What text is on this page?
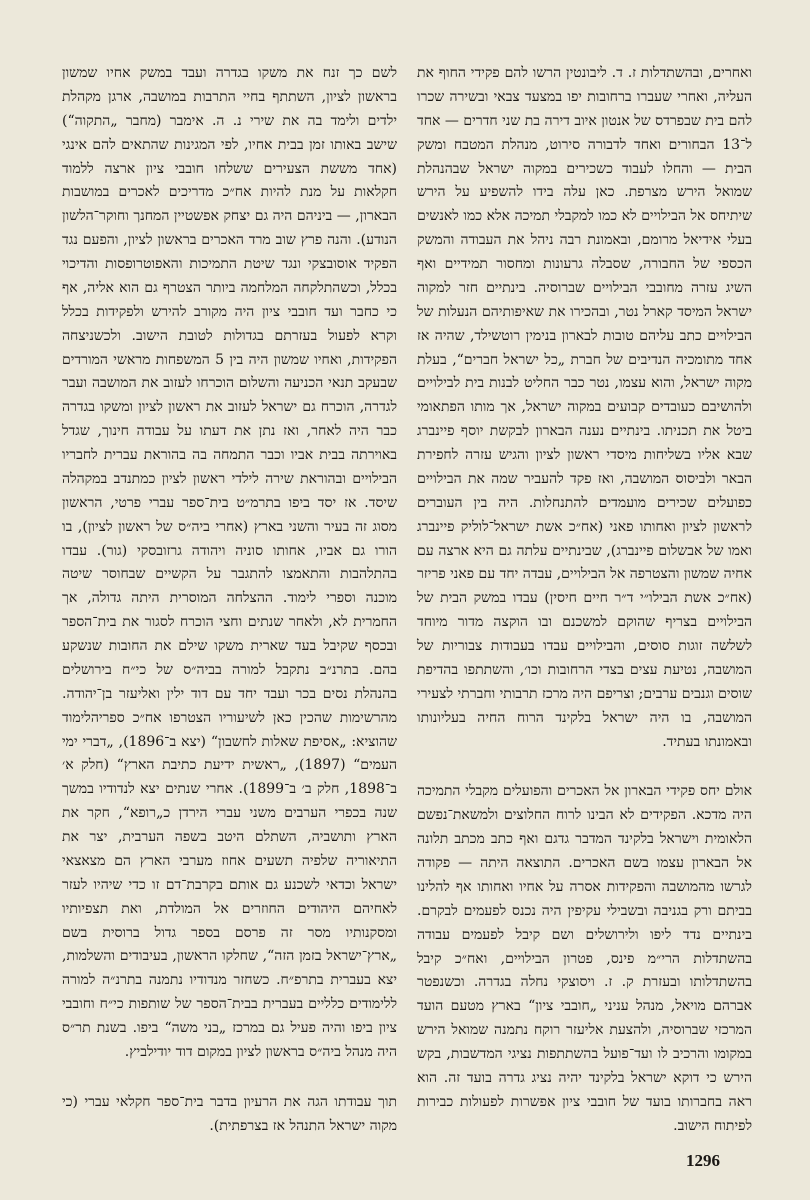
ואחרים, ובהשתדלות ז. ד. ליבונטין הרשו להם פקידי החוף את העליה, ואחרי שעברו ברחובות יפו במצעד צבאי ובשירה שכרו להם בית שבפרדס של אנטון איוב דירה בת שני חדרים — אחד ל־13 הבחורים ואחד לדבורה סירוט, מנהלת המטבח ומשק הבית — והחלו לעבוד כשכירים במקוה ישראל שבהנהלת שמואל הירש מצרפת. כאן עלה בידו להשפיע על הירש שיתיחס אל הבילויים לא כמו למקבלי תמיכה אלא כמו לאנשים בעלי אידיאל מרומם, ובאמונת רבה ניהל את העבודה והמשק הכספי של החבורה, שסבלה גרעונות ומחסור תמידיים ואף השיג עזרה מחובבי הבילויים שברוסיה. בינתיים חזר למקוה ישראל המיסד קארל נטר, ובהכירו את שאיפותיהם הנעלות של הבילויים כתב עליהם טובות לבארון בנימין רוטשילד, שהיה אז אחד מתומכיה הנדיבים של חברת „כל ישראל חברים“, בעלת מקוה ישראל, והוא עצמו, נטר כבר החליט לבנות בית לבילויים ולהושיבם כעובדים קבועים במקוה ישראל, אך מותו הפתאומי ביטל את תכניתו. בינתיים נענה הבארון לבקשת יוסף פיינברג שבא אליו בשליחות מיסדי ראשון לציון והגיש עזרה לחפירת הבאר ולביסוס המושבה, ואז פקד להעביר שמה את הבילויים כפועלים שכירים מועמדים להתנחלות. היה בין העוברים לראשון לציון ואחותו פאני (אח״כ אשת ישראל־לוליק פיינברג ואמו של אבשלום פיינברג), שבינתיים עלתה גם היא ארצה עם אחיה שמשון והצטרפה אל הבילויים, עבדה יחד עם פאני פריזר (אח״כ אשת הבילו״י ד״ר חיים חיסין) עבדו במשק הבית של הבילויים בצריף שהוקם למשכנם ובו הוקצה מדור מיוחד לשלשה זוגות סוסים, והבילויים עבדו בעבודות צבוריות של המושבה, נטיעת עצים בצדי הרחובות וכו׳, והשתתפו בהדיפת שוסים וגנבים ערבים; וצריפם היה מרכז תרבותי וחברתי לצעירי המושבה, בו היה ישראל בלקינד הרוח החיה בעליונותו ובאמונתו בעתיד.

אולם יחס פקידי הבארון אל האכרים והפועלים מקבלי התמיכה היה מדכא. הפקידים לא הבינו לרוח החלוצים ולמשאת־נפשם הלאומית וישראל בלקינד המדבר גדגם ואף כתב מכתב תלונה אל הבארון עצמו בשם האכרים. התוצאה היתה — פקודה לגרשו מהמושבה והפקידות אסרה על אחיו ואחותו אף להלינו בביתם ורק בגניבה ובשבילי עקיפין היה נכנס לפעמים לבקרם. בינתיים נדד ליפו ולירושלים ושם קיבל לפעמים עבודה בהשתדלות הרי״מ פינס, פטרון הבילויים, ואח״כ קיבל בהשתדלותו ובעזרת ק. ז. ויסוצקי נחלה בגדרה. וכשנפטר אברהם מויאל, מנהל עניני „חובבי ציון“ בארץ מטעם הועד המרכזי שברוסיה, ולהצעת אליעזר רוקח נתמנה שמואל הירש במקומו והרכיב לו ועד־פועל בהשתתפות נציגי המדשבות, בקש הירש כי דוקא ישראל בלקינד יהיה נציג גדרה בועד זה. הוא ראה בחברותו בועד של חובבי ציון אפשרות לפעולות כבירות לפיתוח הישוב.

לשם כך זנח את משקו בגדרה ועבד במשק אחיו שמשון בראשון לציון, השתתף בחיי התרבות במושבה, ארגן מקהלת ילדים ולימד בה את שירי נ. ה. אימבר (מחבר „התקוה“) שישב באותו זמן בבית אחיו, לפי המגינות שהתאים להם אינגי (אחד מששת הצעירים ששלחו חובבי ציון ארצה ללמוד חקלאות על מנת להיות אח״כ מדריכים לאכרים במושבות הבארון, — ביניהם היה גם יצחק אפשטיין המחנך וחוקר־הלשון הנודע). והנה פרץ שוב מרד האכרים בראשון לציון, והפעם נגד הפקיד אוסובצקי ונגד שיטת התמיכות והאפוטרופסות והדיכוי בכלל, וכשהתלקחה המלחמה ביותר הצטרף גם הוא אליה, אף כי כחבר ועד חובבי ציון היה מקורב להירש ולפקידות בכלל וקרא לפעול בעזרתם בגדולות לטובת הישוב. ולכשניצחה הפקידות, ואחיו שמשון היה בין 5 המשפחות מראשי המורדים שבעקב תנאי הכניעה והשלום הוכרחו לעזוב את המושבה ועבר לגדרה, הוכרח גם ישראל לעזוב את ראשון לציון ומשקו בגדרה כבר היה לאחר, ואז נתן את דעתו על עבודה חינוך, שגדל באוירתה בבית אביו וכבר התמחה בה בהוראת עברית לחבריו הבילויים ובהוראת שירה לילדי ראשון לציון כמתנדב במקהלה שיסד. אז יסד ביפו בתרמ״ט בית־ספר עברי פרטי, הראשון מסוג זה בעיר והשני בארץ (אחרי ביה״ס של ראשון לציון), בו הורו גם אביו, אחותו סוניה ויהודה גרזובסקי (גור). עבדו בהתלהבות והתאמצו להתגבר על הקשיים שבחוסר שיטה מוכנה וספרי לימוד. ההצלחה המוסרית היתה גדולה, אך החמרית לא, ולאחר שנתים וחצי הוכרח לסגור את בית־הספר ובכסף שקיבל בעד שארית משקו שילם את החובות שנשקע בהם. בתרנ״ב נתקבל למורה בביה״ס של כי״ח בירושלים בהנהלת נסים בכר ועבד יחד עם דוד ילין ואליעזר בן־יהודה. מהרשימות שהכין כאן לשיעוריו הצטרפו אח״כ ספריהלימוד שהוציא: „אסיפת שאלות לחשבון“ (יצא ב־1896), „דברי ימי העמים“ (1897), „ראשית ידיעת כתיבת הארץ“ (חלק א׳ ב־1898, חלק ב׳ ב־1899). אחרי שנתים יצא לנדודיו במשך שנה בכפרי הערבים משני עברי הירדן כ„רופא“, חקר את הארץ ותושביה, השתלם היטב בשפה הערבית, יצר את התיאוריה שלפיה תשעים אחוז מערבי הארץ הם מצאצאי ישראל וכדאי לשכנע גם אותם בקרבת־דם זו כדי שיהיו לעזר לאחיהם היהודים החוזרים אל המולדת, ואת תצפיותיו ומסקנותיו מסר זה פרסם בספר גדול ברוסית בשם „ארץ־ישראל בזמן הזה“, שחלקו הראשון, בעיבודים והשלמות, יצא בעברית בתרפ״ח. כשחזר מנדודיו נתמנה בתרנ״ה למורה ללימודים כלליים בעברית בבית־הספר של שותפות כי״ח וחובבי ציון ביפו והיה פעיל גם במרכז „בני משה“ ביפו. בשנת תר״ס היה מנהל ביה״ס בראשון לציון במקום דוד יודילביץ.

תוך עבודתו הגה את הרעיון בדבר בית־ספר חקלאי עברי (כי מקוה ישראל התנהל אז בצרפתית).

1296
